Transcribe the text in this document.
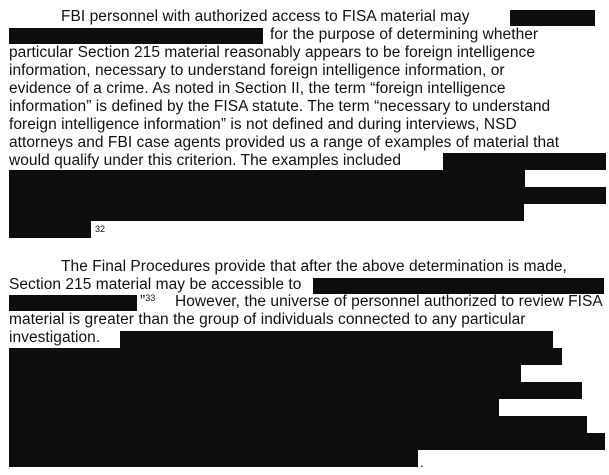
FBI personnel with authorized access to FISA material may
for the purpose of determining whether
particular Section 215 material reasonably appears to be foreign intelligence
information, necessary to understand foreign intelligence information, or
evidence of a crime. As noted in Section II, the term “foreign intelligence
information” is defined by the FISA statute. The term “necessary to understand
foreign intelligence information” is not defined and during interviews, NSD
attorneys and FBI case agents provided us a range of examples of material that
would qualify under this criterion. The examples included
32
The Final Procedures provide that after the above determination is made,
Section 215 material may be accessible to
”$^{33}$ However, the universe of personnel authorized to review FISA
material is greater than the group of individuals connected to any particular
investigation.
.
